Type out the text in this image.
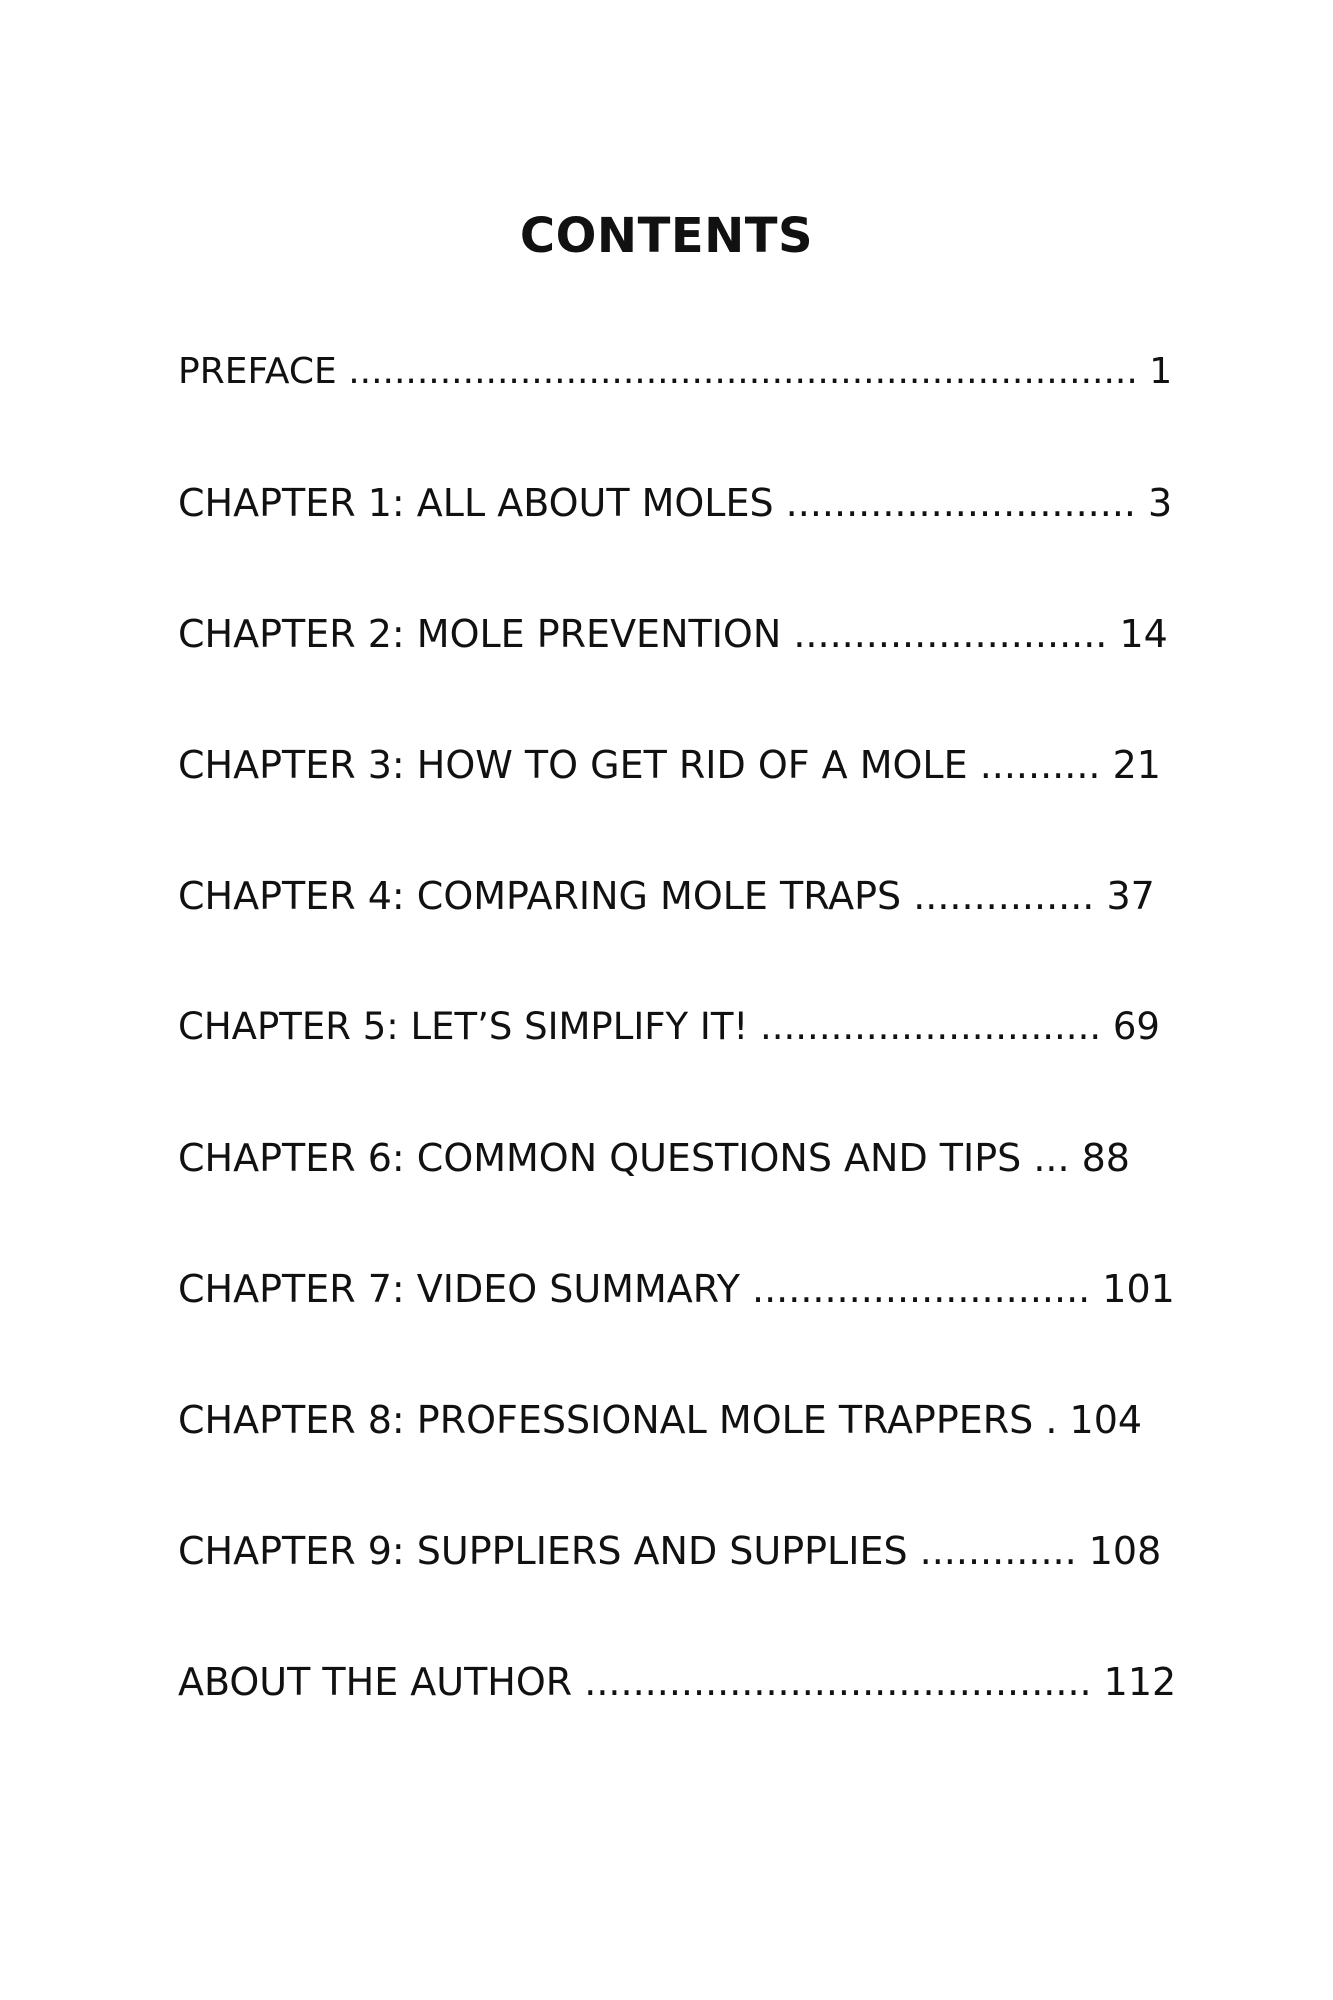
CONTENTS
PREFACE ..................................................................... 1
CHAPTER 1: ALL ABOUT MOLES ............................. 3
CHAPTER 2: MOLE PREVENTION .......................... 14
CHAPTER 3: HOW TO GET RID OF A MOLE .......... 21
CHAPTER 4: COMPARING MOLE TRAPS ............... 37
CHAPTER 5: LET’S SIMPLIFY IT! ............................. 69
CHAPTER 6: COMMON QUESTIONS AND TIPS ... 88
CHAPTER 7: VIDEO SUMMARY ............................ 101
CHAPTER 8: PROFESSIONAL MOLE TRAPPERS . 104
CHAPTER 9: SUPPLIERS AND SUPPLIES ............. 108
ABOUT THE AUTHOR .......................................... 112
